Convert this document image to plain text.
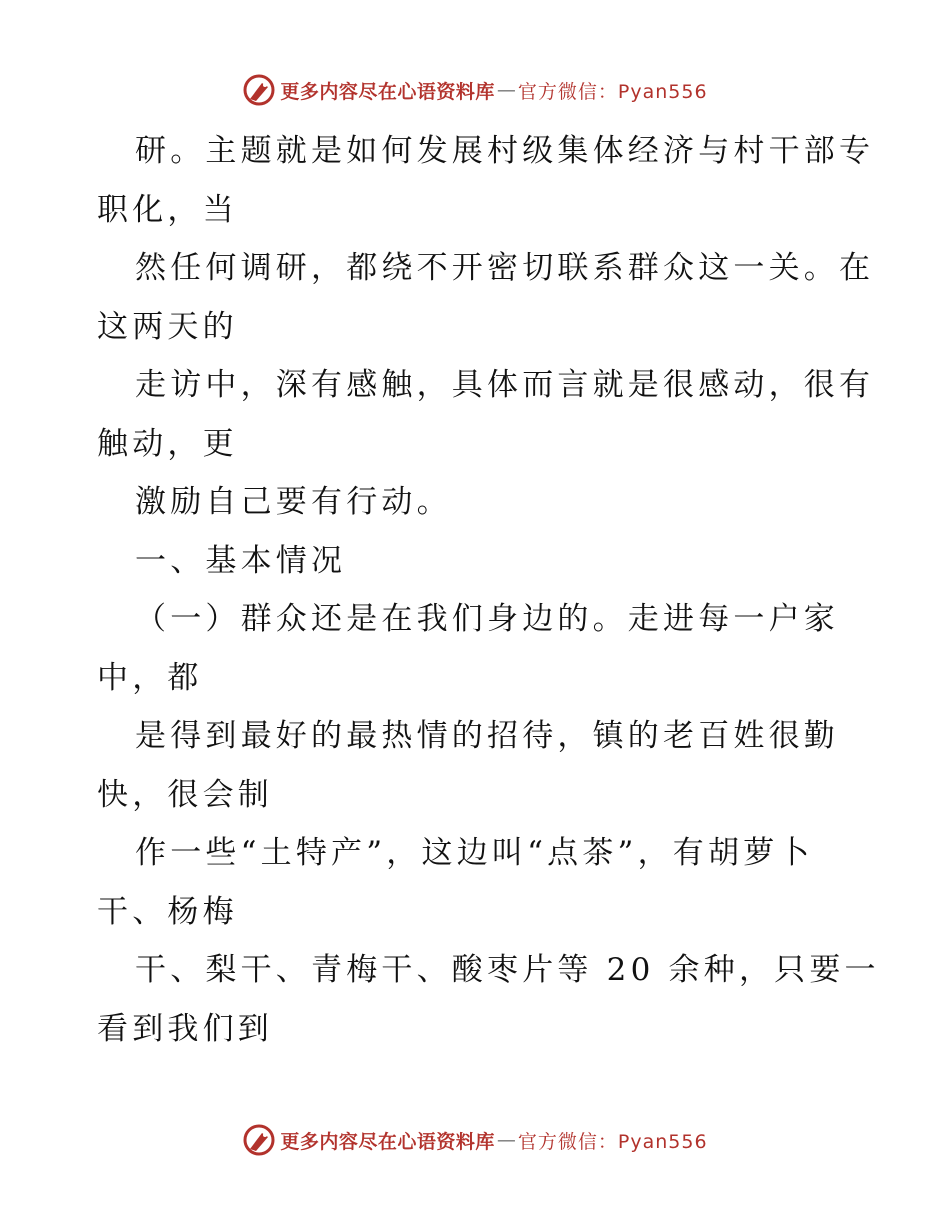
更多内容尽在心语资料库 — 官方微信：Pyan556
研。主题就是如何发展村级集体经济与村干部专
职化，当
然任何调研，都绕不开密切联系群众这一关。在
这两天的
走访中，深有感触，具体而言就是很感动，很有
触动，更
激励自己要有行动。
一、基本情况
（一）群众还是在我们身边的。走进每一户家
中，都
是得到最好的最热情的招待，镇的老百姓很勤
快，很会制
作一些“土特产”，这边叫“点茶”，有胡萝卜
干、杨梅
干、梨干、青梅干、酸枣片等 20 余种，只要一
看到我们到
更多内容尽在心语资料库 — 官方微信：Pyan556
